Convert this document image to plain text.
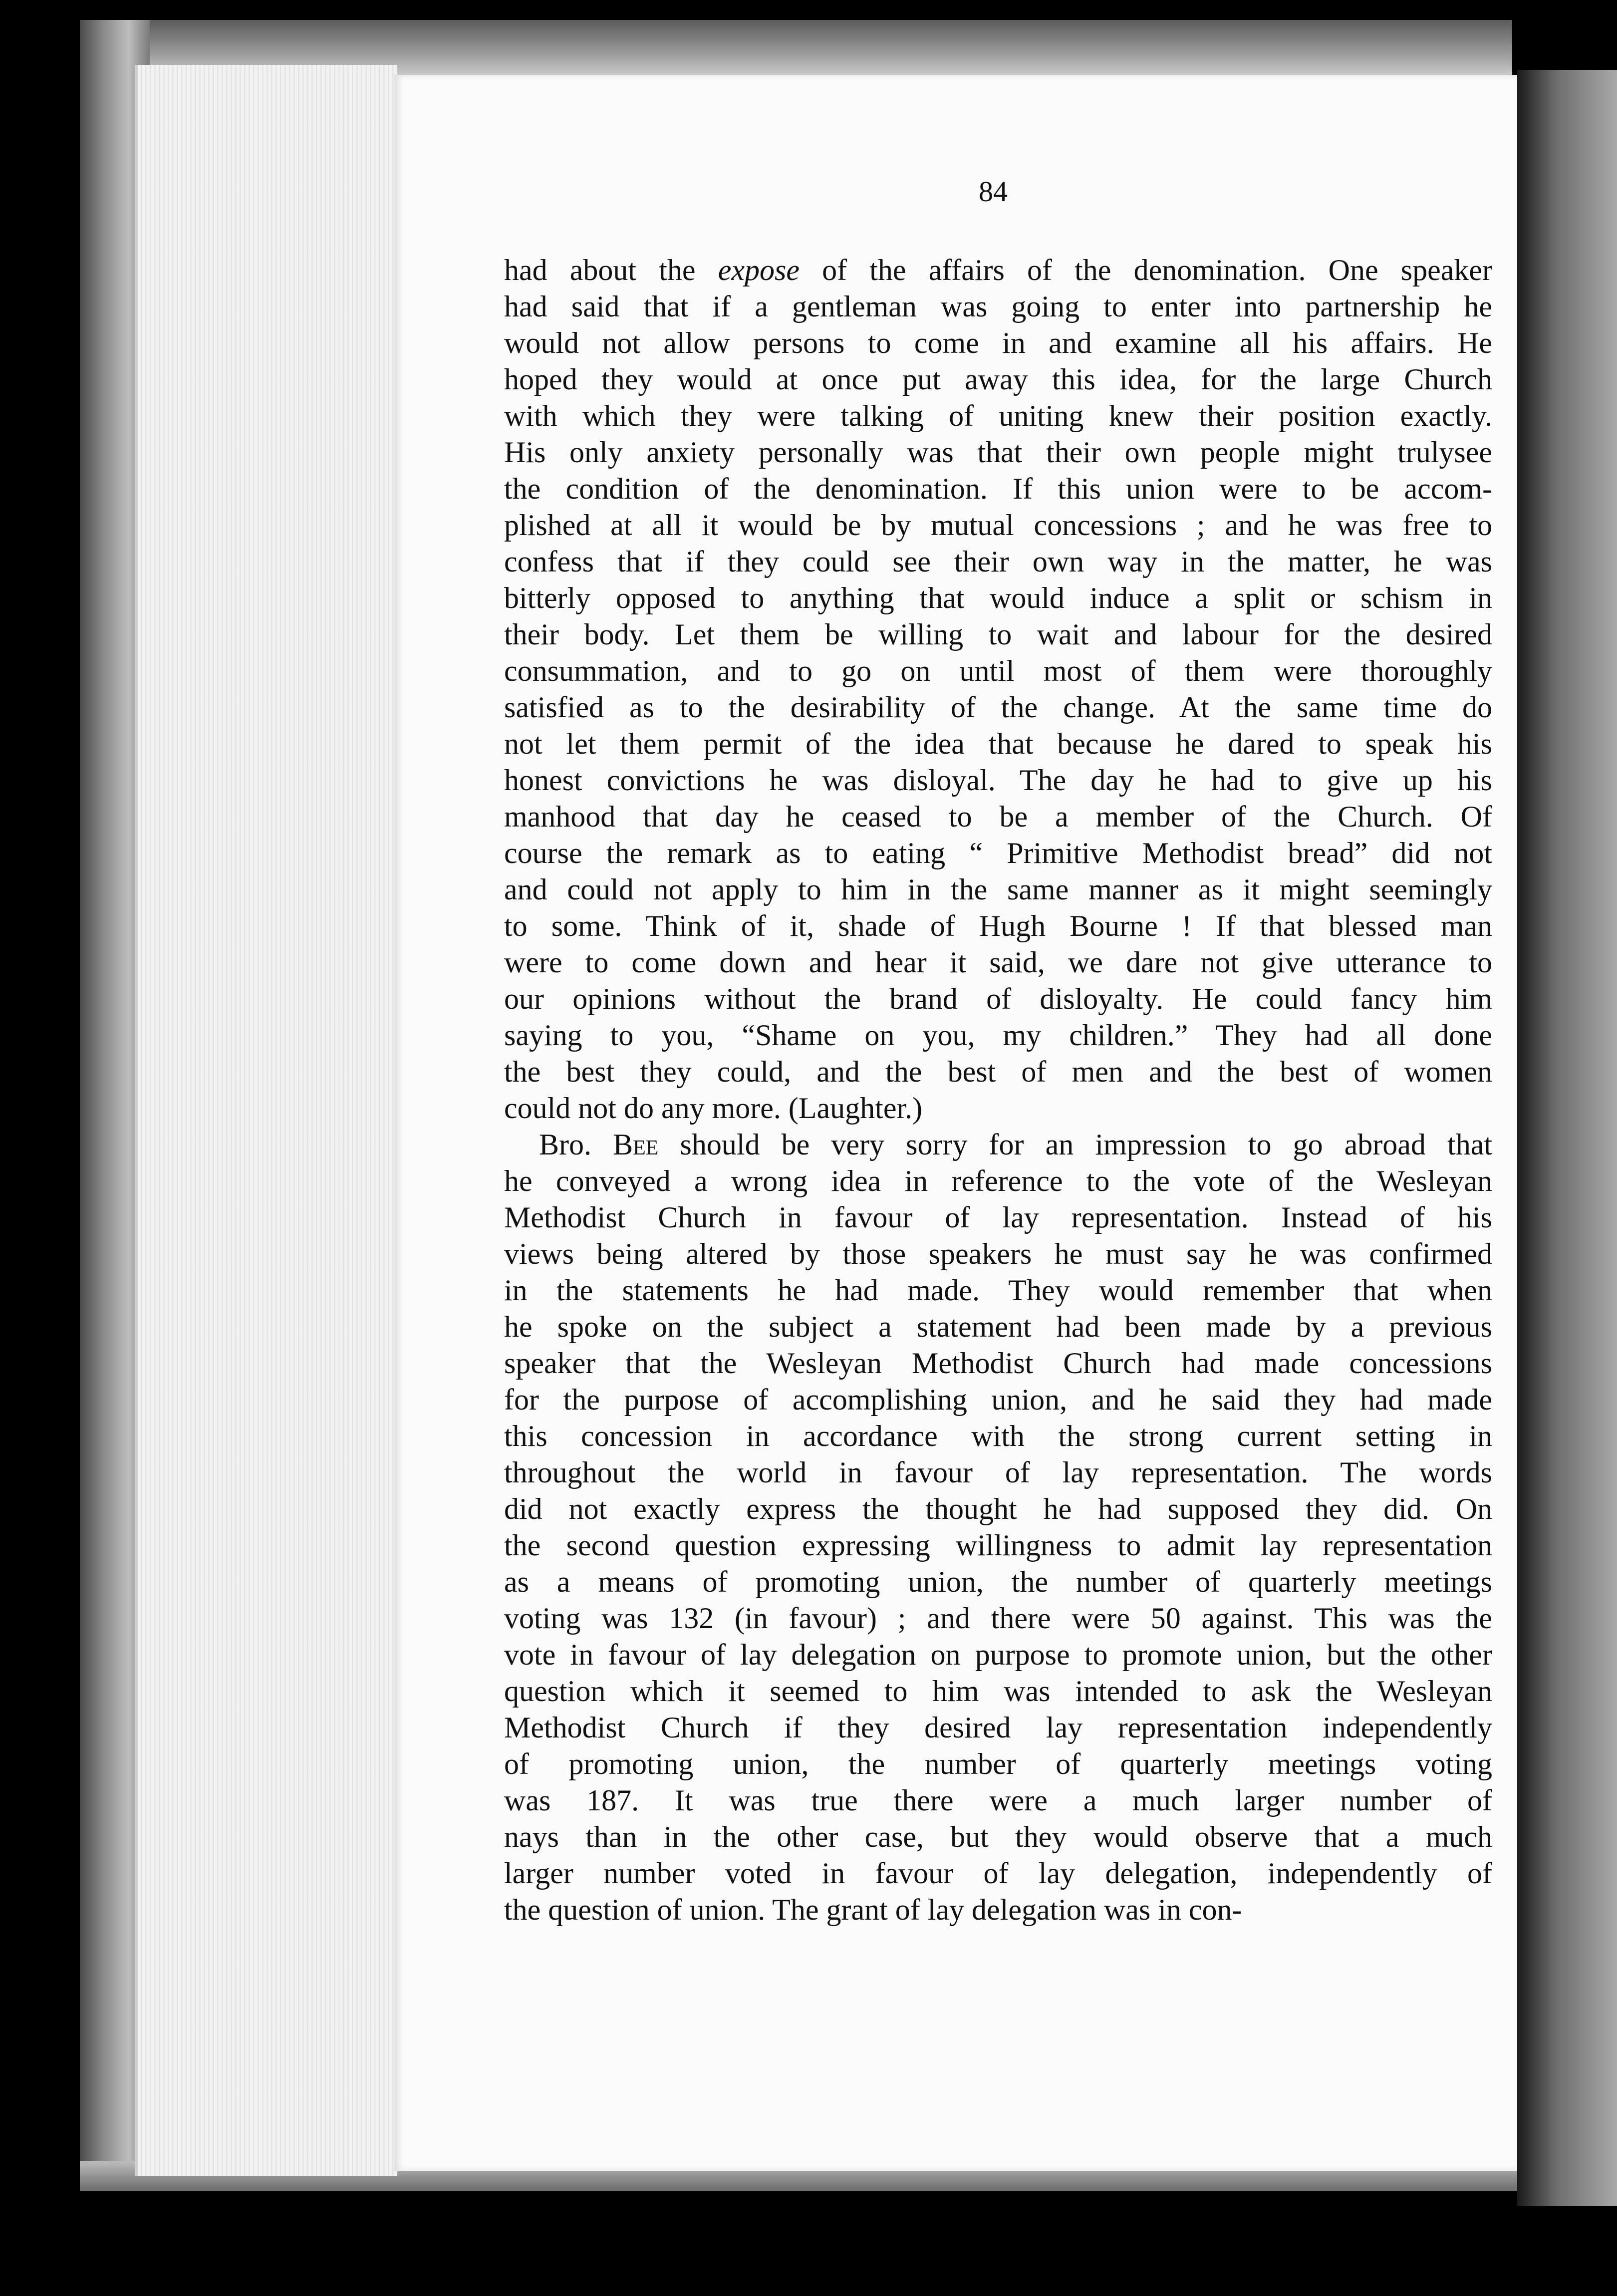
84
had about the expose of the affairs of the denomination. One speaker
had said that if a gentleman was going to enter into partnership he
would not allow persons to come in and examine all his affairs. He
hoped they would at once put away this idea, for the large Church
with which they were talking of uniting knew their position exactly.
His only anxiety personally was that their own people might trulysee
the condition of the denomination. If this union were to be accom-
plished at all it would be by mutual concessions ; and he was free to
confess that if they could see their own way in the matter, he was
bitterly opposed to anything that would induce a split or schism in
their body. Let them be willing to wait and labour for the desired
consummation, and to go on until most of them were thoroughly
satisfied as to the desirability of the change. At the same time do
not let them permit of the idea that because he dared to speak his
honest convictions he was disloyal. The day he had to give up his
manhood that day he ceased to be a member of the Church. Of
course the remark as to eating “ Primitive Methodist bread” did not
and could not apply to him in the same manner as it might seemingly
to some. Think of it, shade of Hugh Bourne ! If that blessed man
were to come down and hear it said, we dare not give utterance to
our opinions without the brand of disloyalty. He could fancy him
saying to you, “Shame on you, my children.” They had all done
the best they could, and the best of men and the best of women
could not do any more. (Laughter.)
Bro. Bee should be very sorry for an impression to go abroad that
he conveyed a wrong idea in reference to the vote of the Wesleyan
Methodist Church in favour of lay representation. Instead of his
views being altered by those speakers he must say he was confirmed
in the statements he had made. They would remember that when
he spoke on the subject a statement had been made by a previous
speaker that the Wesleyan Methodist Church had made concessions
for the purpose of accomplishing union, and he said they had made
this concession in accordance with the strong current setting in
throughout the world in favour of lay representation. The words
did not exactly express the thought he had supposed they did. On
the second question expressing willingness to admit lay representation
as a means of promoting union, the number of quarterly meetings
voting was 132 (in favour) ; and there were 50 against. This was the
vote in favour of lay delegation on purpose to promote union, but the other
question which it seemed to him was intended to ask the Wesleyan
Methodist Church if they desired lay representation independently
of promoting union, the number of quarterly meetings voting
was 187. It was true there were a much larger number of
nays than in the other case, but they would observe that a much
larger number voted in favour of lay delegation, independently of
the question of union. The grant of lay delegation was in con-
